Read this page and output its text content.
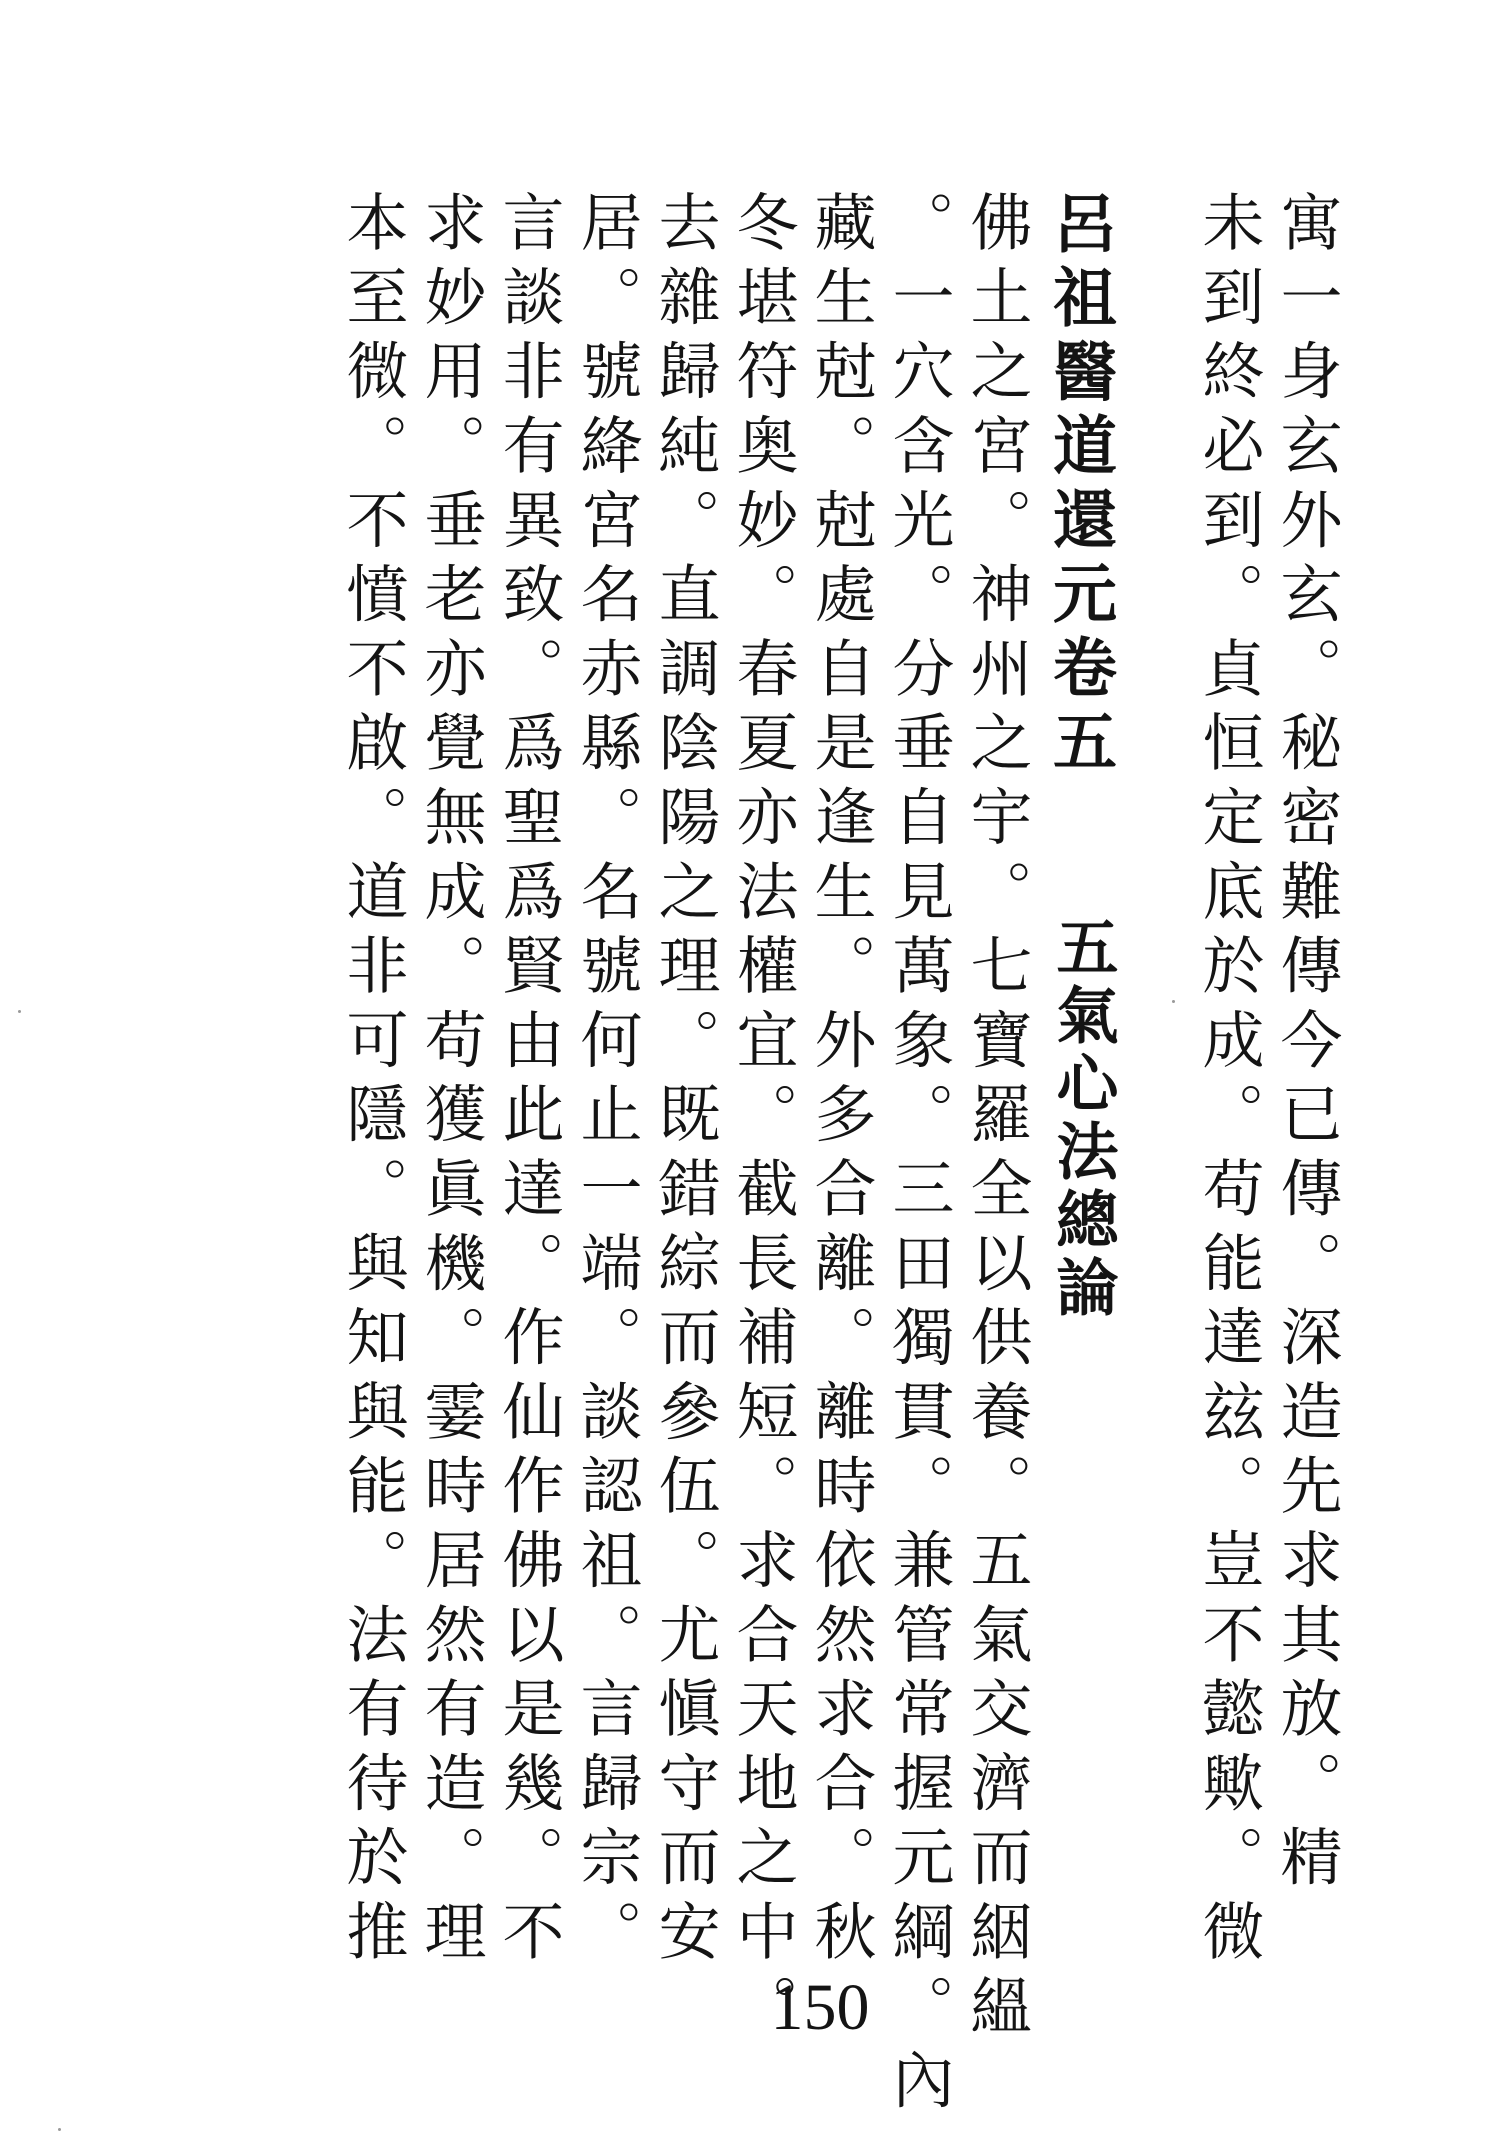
寓一身玄外玄。秘密難傳今已傳。深造先求其放。精
未到終必到。貞恒定底於成。苟能達玆。豈不懿歟。微
呂祖醫道還元卷五
五氣心法總論
佛土之宮。神州之宇。七寶羅全以供養。五氣交濟而絪縕
。一穴含光。分垂自見萬象。三田獨貫。兼管常握元綱。內
藏生尅。尅處自是逢生。外多合離。離時依然求合。秋
冬堪符奥妙。春夏亦法權宜。截長補短。求合天地之中。
去雜歸純。直調陰陽之理。既錯綜而參伍。尤愼守而安
居。號絳宮名赤縣。名號何止一端。談認祖。言歸宗。
言談非有異致。爲聖爲賢由此達。作仙作佛以是幾。不
求妙用。垂老亦覺無成。苟獲眞機。霎時居然有造。理
本至微。不憤不啟。道非可隱。與知與能。法有待於推
150
